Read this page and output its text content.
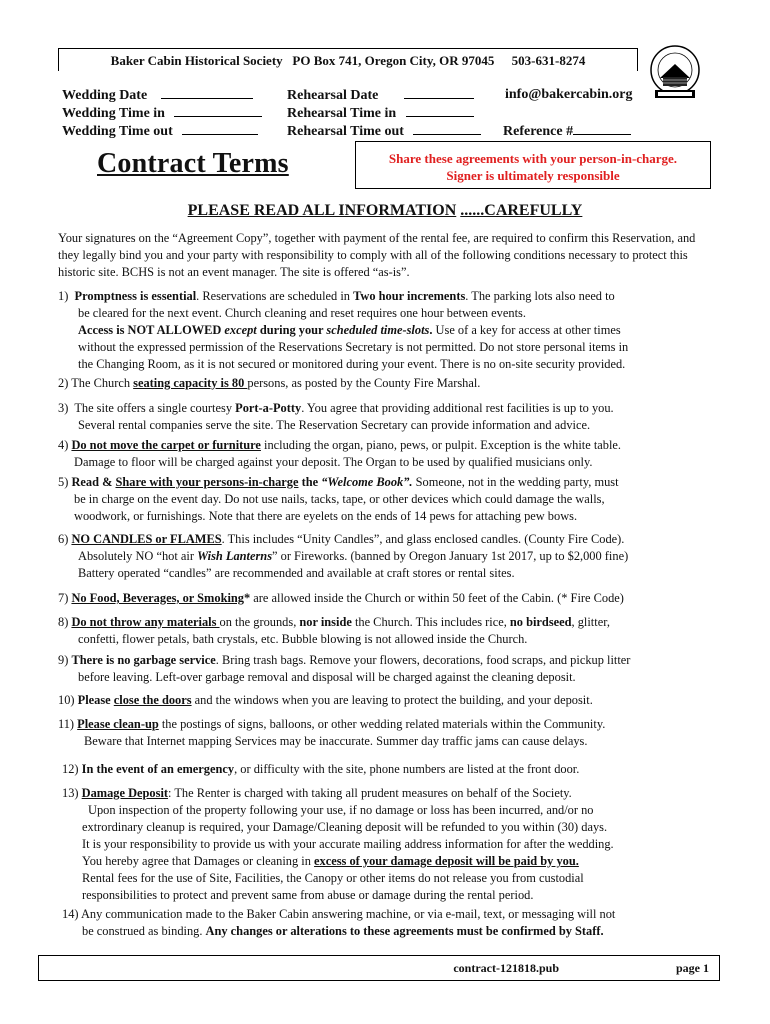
Baker Cabin Historical Society PO Box 741, Oregon City, OR 97045 503-631-8274
Wedding Date
Wedding Time in
Wedding Time out
Rehearsal Date
Rehearsal Time in
Rehearsal Time out
info@bakercabin.org
Reference #
Contract Terms	Share these agreements with your person-in-charge.
Signer is ultimately responsible
PLEASE READ ALL INFORMATION ......CAREFULLY
Your signatures on the “Agreement Copy”, together with payment of the rental fee, are required to confirm this Reservation, and they legally bind you and your party with responsibility to comply with all of the following conditions necessary to protect this historic site. BCHS is not an event manager. The site is offered “as-is”.
1) Promptness is essential. Reservations are scheduled in Two hour increments. The parking lots also need to
be cleared for the next event. Church cleaning and reset requires one hour between events.
Access is NOT ALLOWED except during your scheduled time-slots. Use of a key for access at other times
without the expressed permission of the Reservations Secretary is not permitted. Do not store personal items in
the Changing Room, as it is not secured or monitored during your event. There is no on-site security provided.
2) The Church seating capacity is 80 persons, as posted by the County Fire Marshal.
3) The site offers a single courtesy Port-a-Potty. You agree that providing additional rest facilities is up to you.
Several rental companies serve the site. The Reservation Secretary can provide information and advice.
4) Do not move the carpet or furniture including the organ, piano, pews, or pulpit. Exception is the white table.
Damage to floor will be charged against your deposit. The Organ to be used by qualified musicians only.
5) Read & Share with your persons-in-charge the “Welcome Book”. Someone, not in the wedding party, must
be in charge on the event day. Do not use nails, tacks, tape, or other devices which could damage the walls,
woodwork, or furnishings. Note that there are eyelets on the ends of 14 pews for attaching pew bows.
6) NO CANDLES or FLAMES. This includes “Unity Candles”, and glass enclosed candles. (County Fire Code).
Absolutely NO “hot air Wish Lanterns” or Fireworks. (banned by Oregon January 1st 2017, up to $2,000 fine)
Battery operated “candles” are recommended and available at craft stores or rental sites.
7) No Food, Beverages, or Smoking* are allowed inside the Church or within 50 feet of the Cabin. (* Fire Code)
8) Do not throw any materials on the grounds, nor inside the Church. This includes rice, no birdseed, glitter,
confetti, flower petals, bath crystals, etc. Bubble blowing is not allowed inside the Church.
9) There is no garbage service. Bring trash bags. Remove your flowers, decorations, food scraps, and pickup litter
before leaving. Left-over garbage removal and disposal will be charged against the cleaning deposit.
10) Please close the doors and the windows when you are leaving to protect the building, and your deposit.
11) Please clean-up the postings of signs, balloons, or other wedding related materials within the Community.
Beware that Internet mapping Services may be inaccurate. Summer day traffic jams can cause delays.
12) In the event of an emergency, or difficulty with the site, phone numbers are listed at the front door.
13) Damage Deposit: The Renter is charged with taking all prudent measures on behalf of the Society.
Upon inspection of the property following your use, if no damage or loss has been incurred, and/or no
extrordinary cleanup is required, your Damage/Cleaning deposit will be refunded to you within (30) days.
It is your responsibility to provide us with your accurate mailing address information for after the wedding.
You hereby agree that Damages or cleaning in excess of your damage deposit will be paid by you.
Rental fees for the use of Site, Facilities, the Canopy or other items do not release you from custodial
responsibilities to protect and prevent same from abuse or damage during the rental period.
14) Any communication made to the Baker Cabin answering machine, or via e-mail, text, or messaging will not
be construed as binding. Any changes or alterations to these agreements must be confirmed by Staff.
contract-121818.pub	page 1
